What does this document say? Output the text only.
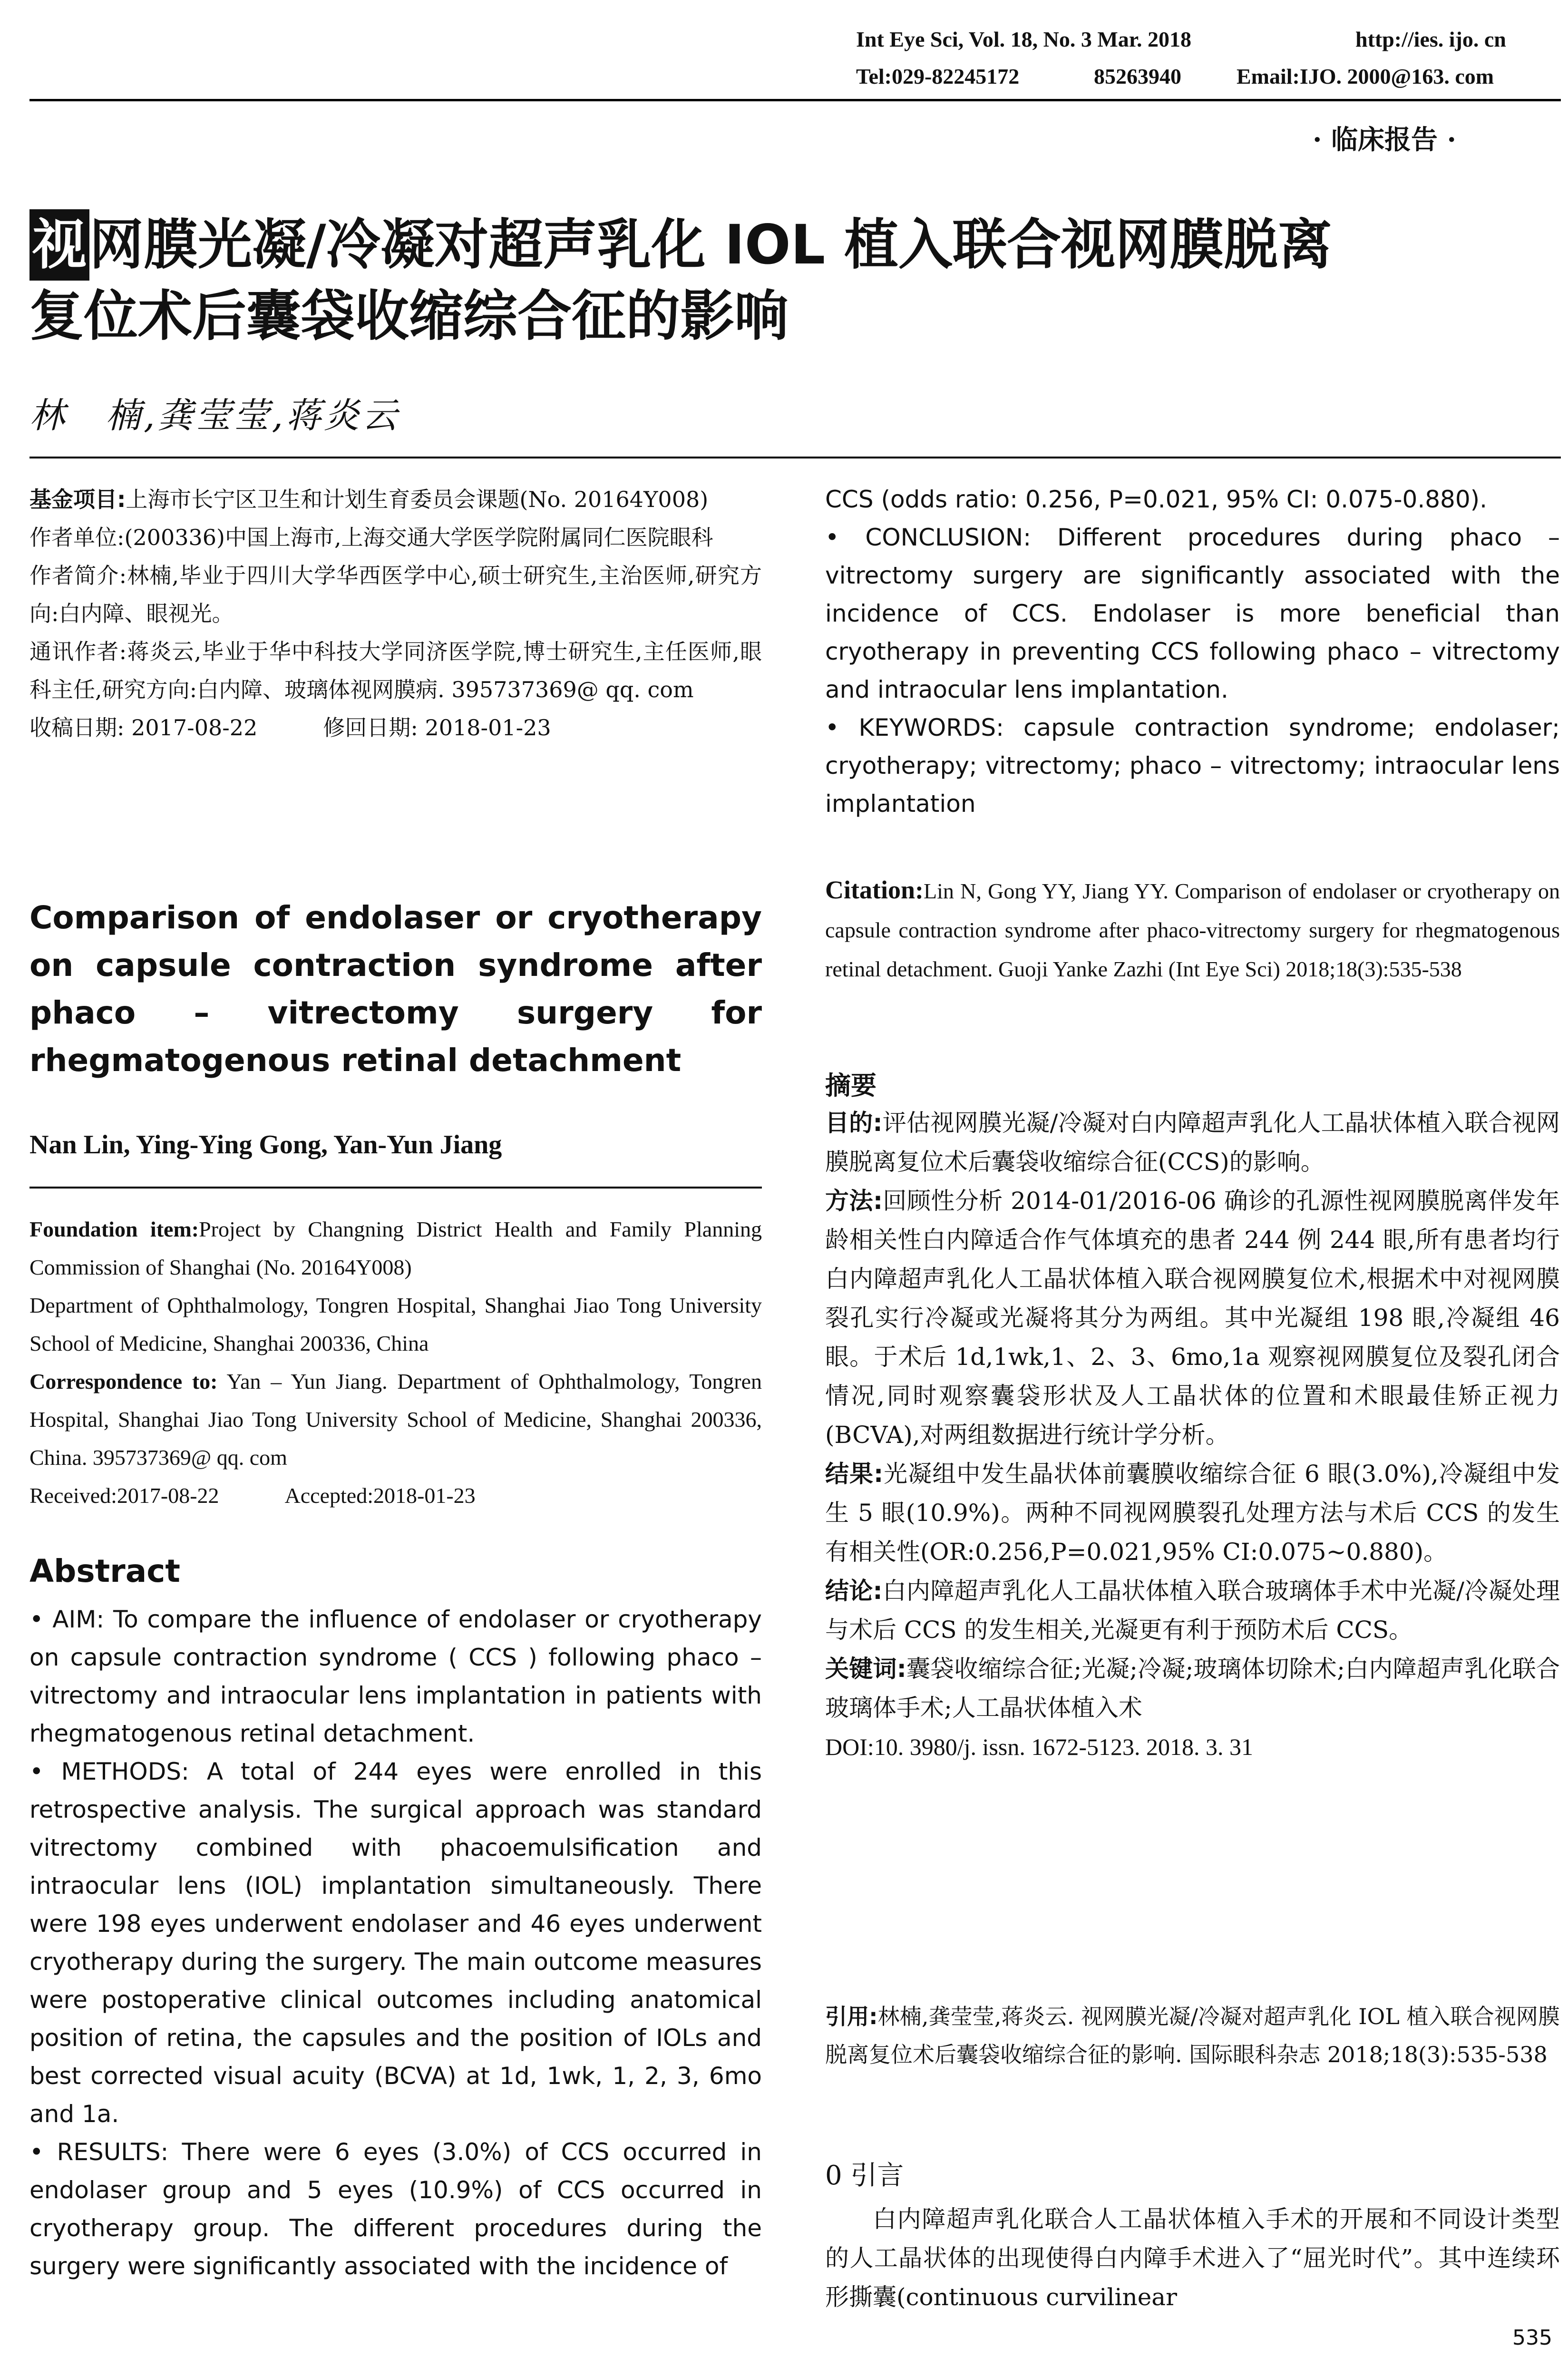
Int Eye Sci, Vol. 18, No. 3 Mar. 2018	http://ies. ijo. cn
Tel:029-82245172	85263940	Email:IJO. 2000@163. com
· 临床报告 ·
视网膜光凝/冷凝对超声乳化 IOL 植入联合视网膜脱离
复位术后囊袋收缩综合征的影响
林　楠,龚莹莹,蒋炎云

基金项目:上海市长宁区卫生和计划生育委员会课题(No. 20164Y008)

作者单位:(200336)中国上海市,上海交通大学医学院附属同仁医院眼科

作者简介:林楠,毕业于四川大学华西医学中心,硕士研究生,主治医师,研究方向:白内障、眼视光。

通讯作者:蒋炎云,毕业于华中科技大学同济医学院,博士研究生,主任医师,眼科主任,研究方向:白内障、玻璃体视网膜病. 395737369@ qq. com

收稿日期: 2017-08-22　　　修回日期: 2018-01-23

Comparison of endolaser or cryotherapy on capsule contraction syndrome after phaco – vitrectomy surgery for rhegmatogenous retinal detachment
Nan Lin, Ying-Ying Gong, Yan-Yun Jiang

Foundation item:Project by Changning District Health and Family Planning Commission of Shanghai (No. 20164Y008)

Department of Ophthalmology, Tongren Hospital, Shanghai Jiao Tong University School of Medicine, Shanghai 200336, China

Correspondence to: Yan – Yun Jiang. Department of Ophthalmology, Tongren Hospital, Shanghai Jiao Tong University School of Medicine, Shanghai 200336, China. 395737369@ qq. com

Received:2017-08-22　　　Accepted:2018-01-23

Abstract

• AIM: To compare the influence of endolaser or cryotherapy on capsule contraction syndrome ( CCS ) following phaco – vitrectomy and intraocular lens implantation in patients with rhegmatogenous retinal detachment.

• METHODS: A total of 244 eyes were enrolled in this retrospective analysis. The surgical approach was standard vitrectomy combined with phacoemulsification and intraocular lens (IOL) implantation simultaneously. There were 198 eyes underwent endolaser and 46 eyes underwent cryotherapy during the surgery. The main outcome measures were postoperative clinical outcomes including anatomical position of retina, the capsules and the position of IOLs and best corrected visual acuity (BCVA) at 1d, 1wk, 1, 2, 3, 6mo and 1a.

• RESULTS: There were 6 eyes (3.0%) of CCS occurred in endolaser group and 5 eyes (10.9%) of CCS occurred in cryotherapy group. The different procedures during the surgery were significantly associated with the incidence of

CCS (odds ratio: 0.256, P=0.021, 95% CI: 0.075-0.880).

• CONCLUSION: Different procedures during phaco – vitrectomy surgery are significantly associated with the incidence of CCS. Endolaser is more beneficial than cryotherapy in preventing CCS following phaco – vitrectomy and intraocular lens implantation.

• KEYWORDS: capsule contraction syndrome; endolaser; cryotherapy; vitrectomy; phaco – vitrectomy; intraocular lens implantation

Citation:Lin N, Gong YY, Jiang YY. Comparison of endolaser or cryotherapy on capsule contraction syndrome after phaco-vitrectomy surgery for rhegmatogenous retinal detachment. Guoji Yanke Zazhi (Int Eye Sci) 2018;18(3):535-538
摘要

目的:评估视网膜光凝/冷凝对白内障超声乳化人工晶状体植入联合视网膜脱离复位术后囊袋收缩综合征(CCS)的影响。

方法:回顾性分析 2014-01/2016-06 确诊的孔源性视网膜脱离伴发年龄相关性白内障适合作气体填充的患者 244 例 244 眼,所有患者均行白内障超声乳化人工晶状体植入联合视网膜复位术,根据术中对视网膜裂孔实行冷凝或光凝将其分为两组。其中光凝组 198 眼,冷凝组 46 眼。于术后 1d,1wk,1、2、3、6mo,1a 观察视网膜复位及裂孔闭合情况,同时观察囊袋形状及人工晶状体的位置和术眼最佳矫正视力(BCVA),对两组数据进行统计学分析。

结果:光凝组中发生晶状体前囊膜收缩综合征 6 眼(3.0%),冷凝组中发生 5 眼(10.9%)。两种不同视网膜裂孔处理方法与术后 CCS 的发生有相关性(OR:0.256,P=0.021,95% CI:0.075~0.880)。

结论:白内障超声乳化人工晶状体植入联合玻璃体手术中光凝/冷凝处理与术后 CCS 的发生相关,光凝更有利于预防术后 CCS。

关键词:囊袋收缩综合征;光凝;冷凝;玻璃体切除术;白内障超声乳化联合玻璃体手术;人工晶状体植入术

DOI:10. 3980/j. issn. 1672-5123. 2018. 3. 31

引用:林楠,龚莹莹,蒋炎云. 视网膜光凝/冷凝对超声乳化 IOL 植入联合视网膜脱离复位术后囊袋收缩综合征的影响. 国际眼科杂志 2018;18(3):535-538
0 引言
白内障超声乳化联合人工晶状体植入手术的开展和不同设计类型的人工晶状体的出现使得白内障手术进入了“屈光时代”。其中连续环形撕囊(continuous curvilinear
535
